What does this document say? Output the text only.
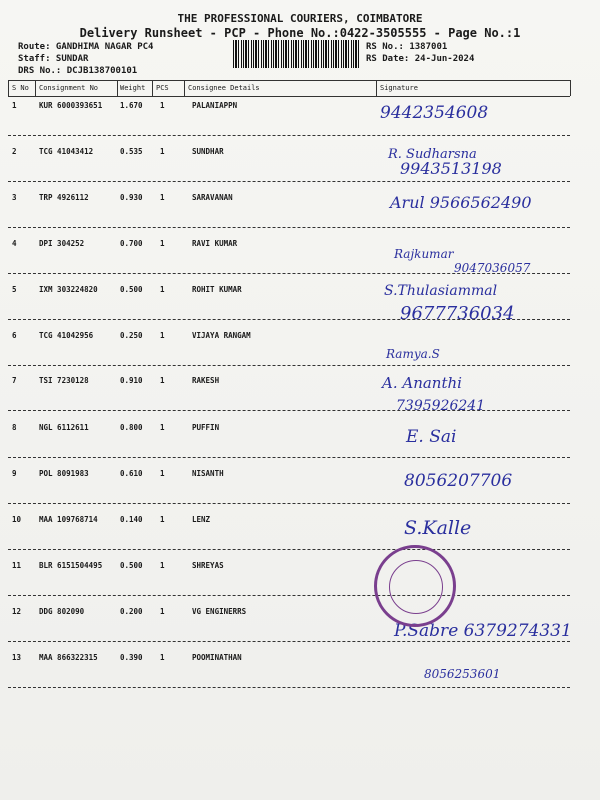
THE PROFESSIONAL COURIERS, COIMBATORE
Delivery Runsheet - PCP - Phone No.:0422-3505555 - Page No.:1
Route: GANDHIMA NAGAR PC4
Staff: SUNDAR
DRS No.: DCJB138700101
RS No.: 1387001
RS Date: 24-Jun-2024
S No Consignment No	Weight PCS	Consignee Details	Signature
1	KUR 6000393651 1.670 1	PALANIAPPN	9442354608
2	TCG 41043412	0.535 1	SUNDHAR	R. Sudharsna
9943513198
3	TRP 4926112	0.930 1	SARAVANAN	Arul 9566562490
4	DPI 304252	0.700 1	RAVI KUMAR
Rajkumar
9047036057
5	IXM 303224820	0.500 1	ROHIT KUMAR	S.Thulasiammal
9677736034
6	TCG 41042956	0.250 1	VIJAYA RANGAM
Ramya.S
7	TSI 7230128	0.910 1	RAKESH	A. Ananthi
7395926241
8	NGL 6112611	0.800 1	PUFFIN	E. Sai
9	POL 8091983	0.610 1	NISANTH	8056207706
10 MAA 109768714	0.140 1	LENZ	S.Kalle
11 BLR 6151504495 0.500 1	SHREYAS
12 DDG 802090	0.200 1	VG ENGINERRS
P.Sabre 6379274331
13 MAA 866322315	0.390 1	POOMINATHAN
8056253601
